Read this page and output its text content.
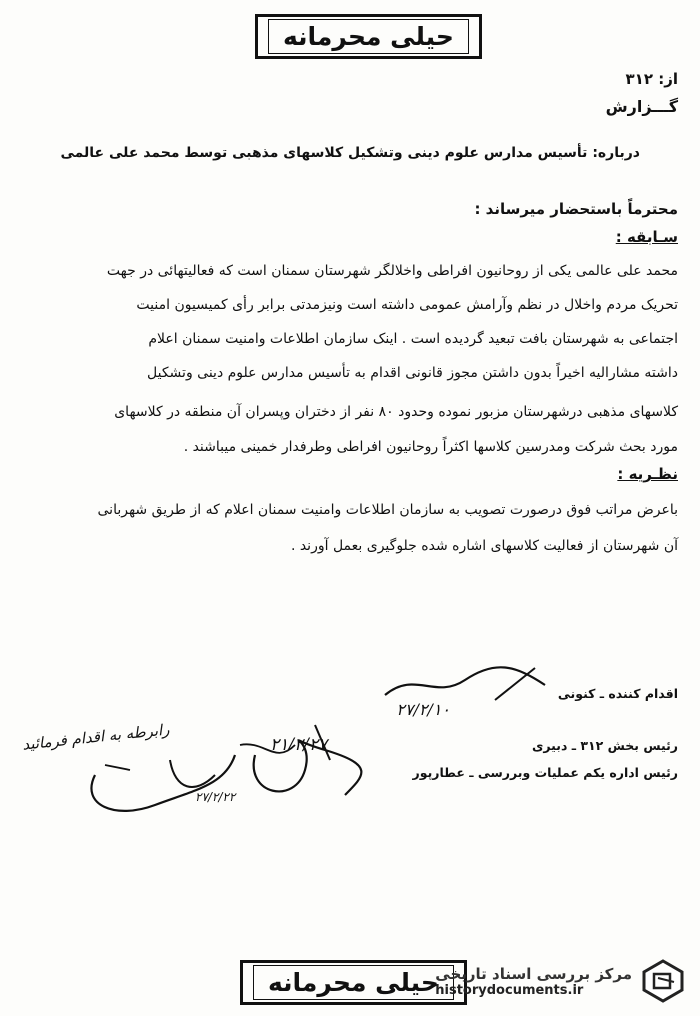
حیلی محرمانه
از: ۳۱۲
گـــزارش
درباره: تأسیس مدارس علوم دینی وتشکیل کلاسهای مذهبی توسط محمد علی عالمی
محترماً باستحضار میرساند :
سـابقه :
محمد علی عالمی یکی از روحانیون افراطی واخلالگر شهرستان سمنان است که فعالیتهائی در جهت
تحریک مردم واخلال در نظم وآرامش عمومی داشته است ونیزمدتی برابر رأی کمیسیون امنیت
اجتماعی به شهرستان بافت تبعید گردیده است . اینک سازمان اطلاعات وامنیت سمنان اعلام
داشته مشارالیه اخیراً بدون داشتن مجوز قانونی اقدام به تأسیس مدارس علوم دینی وتشکیل
کلاسهای مذهبی درشهرستان مزبور نموده وحدود ۸۰ نفر از دختران وپسران آن منطقه در کلاسهای
مورد بحث شرکت ومدرسین کلاسها اکثراً روحانیون افراطی وطرفدار خمینی میباشند .
نظـریه :
باعرض مراتب فوق درصورت تصویب به سازمان اطلاعات وامنیت سمنان اعلام که از طریق شهربانی
آن شهرستان از فعالیت کلاسهای اشاره شده جلوگیری بعمل آورند .
اقدام کننده ـ کنونی
۲۷/۲/۱۰
رئیس بخش ۳۱۲ ـ دبیری
رئیس اداره یکم عملیات وبررسی ـ عطارپور
۲۱/۲/۲۷
رابرطه به اقدام فرمائید
۲۷/۲/۲۲
حیلی محرمانه
مرکز بررسی اسناد تاریخی
historydocuments.ir
